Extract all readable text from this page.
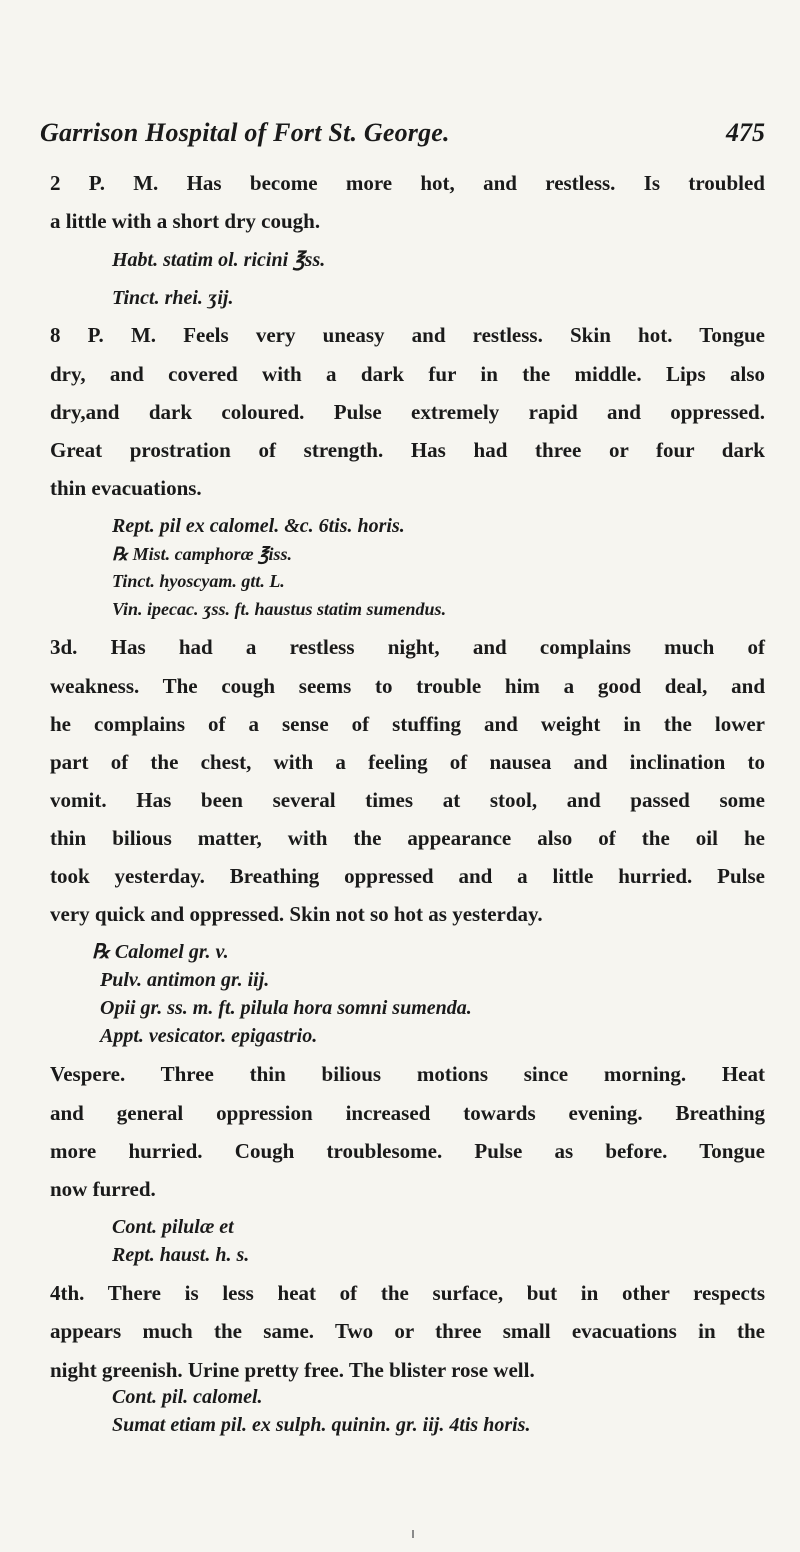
Garrison Hospital of Fort St. George.	475
2 P. M. Has become more hot, and restless. Is troubled
a little with a short dry cough.
Habt. statim ol. ricini ℥ss.
Tinct. rhei. ʒij.
8 P. M. Feels very uneasy and restless. Skin hot. Tongue
dry, and covered with a dark fur in the middle. Lips also
dry,and dark coloured. Pulse extremely rapid and oppressed.
Great prostration of strength. Has had three or four dark
thin evacuations.
Rept. pil ex calomel. &c. 6tis. horis.
℞ Mist. camphoræ ℥iss.
Tinct. hyoscyam. gtt. L.
Vin. ipecac. ʒss. ft. haustus statim sumendus.
3d. Has had a restless night, and complains much of
weakness. The cough seems to trouble him a good deal, and
he complains of a sense of stuffing and weight in the lower
part of the chest, with a feeling of nausea and inclination to
vomit. Has been several times at stool, and passed some
thin bilious matter, with the appearance also of the oil he
took yesterday. Breathing oppressed and a little hurried. Pulse
very quick and oppressed. Skin not so hot as yesterday.
℞ Calomel gr. v.
Pulv. antimon gr. iij.
Opii gr. ss. m. ft. pilula hora somni sumenda.
Appt. vesicator. epigastrio.
Vespere. Three thin bilious motions since morning. Heat
and general oppression increased towards evening. Breathing
more hurried. Cough troublesome. Pulse as before. Tongue
now furred.
Cont. pilulæ et
Rept. haust. h. s.
4th. There is less heat of the surface, but in other respects
appears much the same. Two or three small evacuations in the
night greenish. Urine pretty free. The blister rose well.
Cont. pil. calomel.
Sumat etiam pil. ex sulph. quinin. gr. iij. 4tis horis.
